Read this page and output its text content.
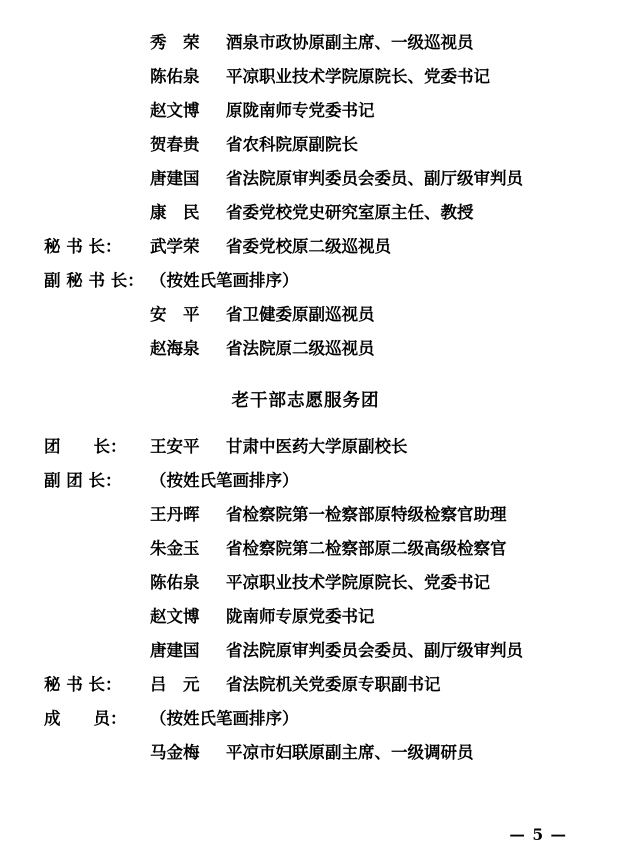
秀　荣	酒泉市政协原副主席、一级巡视员
陈佑泉	平凉职业技术学院原院长、党委书记
赵文博	原陇南师专党委书记
贺春贵	省农科院原副院长
唐建国	省法院原审判委员会委员、副厅级审判员
康　民	省委党校党史研究室原主任、教授
秘 书 长：	武学荣	省委党校原二级巡视员
副 秘 书 长： （按姓氏笔画排序）
安　平	省卫健委原副巡视员
赵海泉	省法院原二级巡视员
老干部志愿服务团
团　　长：	王安平	甘肃中医药大学原副校长
副 团 长：	（按姓氏笔画排序）
王丹晖	省检察院第一检察部原特级检察官助理
朱金玉	省检察院第二检察部原二级高级检察官
陈佑泉	平凉职业技术学院原院长、党委书记
赵文博	陇南师专原党委书记
唐建国	省法院原审判委员会委员、副厅级审判员
秘 书 长：	吕　元	省法院机关党委原专职副书记
成　　员：	（按姓氏笔画排序）
马金梅	平凉市妇联原副主席、一级调研员
— 5 —
